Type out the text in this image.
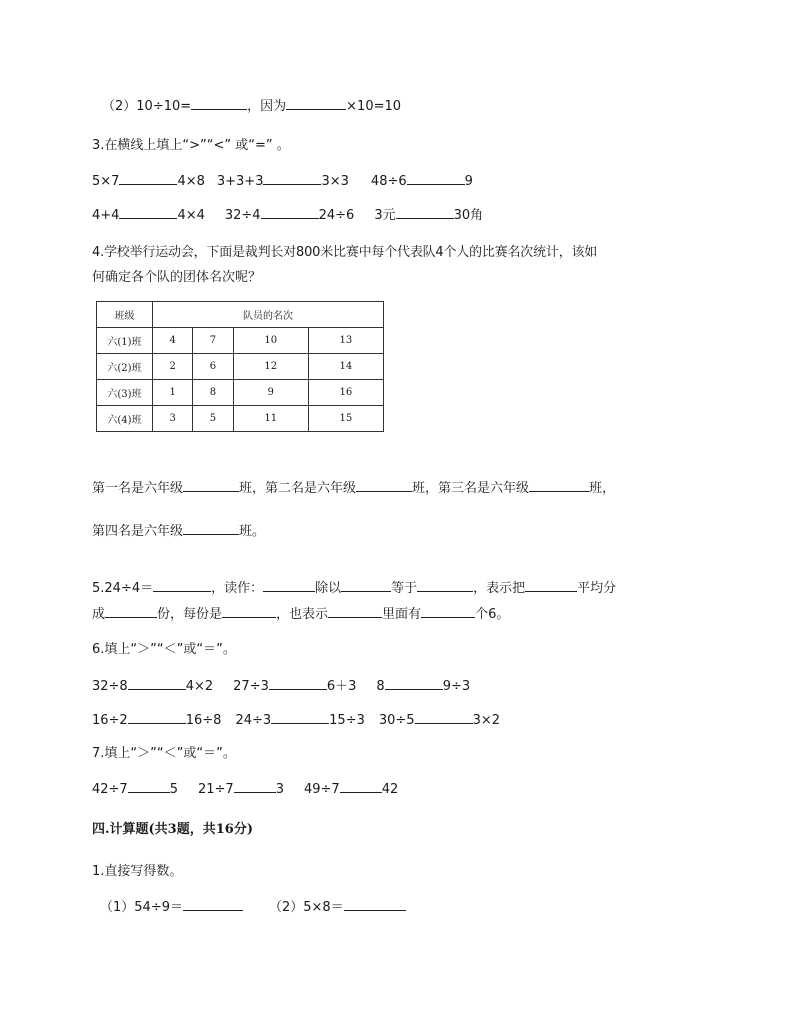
（2）10÷10=	，因为	×10=10
3.在横线上填上“>”“<” 或“=” 。
5×7	4×8 3+3+3	3×3 48÷6	9
4+4	4×4 32÷4	24÷6 3元	30角
4.学校举行运动会，下面是裁判长对800米比赛中每个代表队4个人的比赛名次统计，该如
何确定各个队的团体名次呢？
班级	队员的名次			
六(1)班	4	7	10	13
六(2)班	2	6	12	14
六(3)班	1	8	9	16
六(4)班	3	5	11	15
第一名是六年级	班，第二名是六年级	班，第三名是六年级	班，
第四名是六年级	班。
5.24÷4＝	，读作：	除以	等于	，表示把	平均分
成	份，每份是	，也表示	里面有	个6。
6.填上“＞”“＜”或“＝”。
32÷8	4×2 27÷3	6＋3 8	9÷3
16÷2	16÷8 24÷3	15÷3 30÷5	3×2
7.填上“＞”“＜”或“＝”。
42÷7	5 21÷7	3 49÷7	42
四.计算题(共3题，共16分)
1.直接写得数。
（1）54÷9＝	（2）5×8＝
